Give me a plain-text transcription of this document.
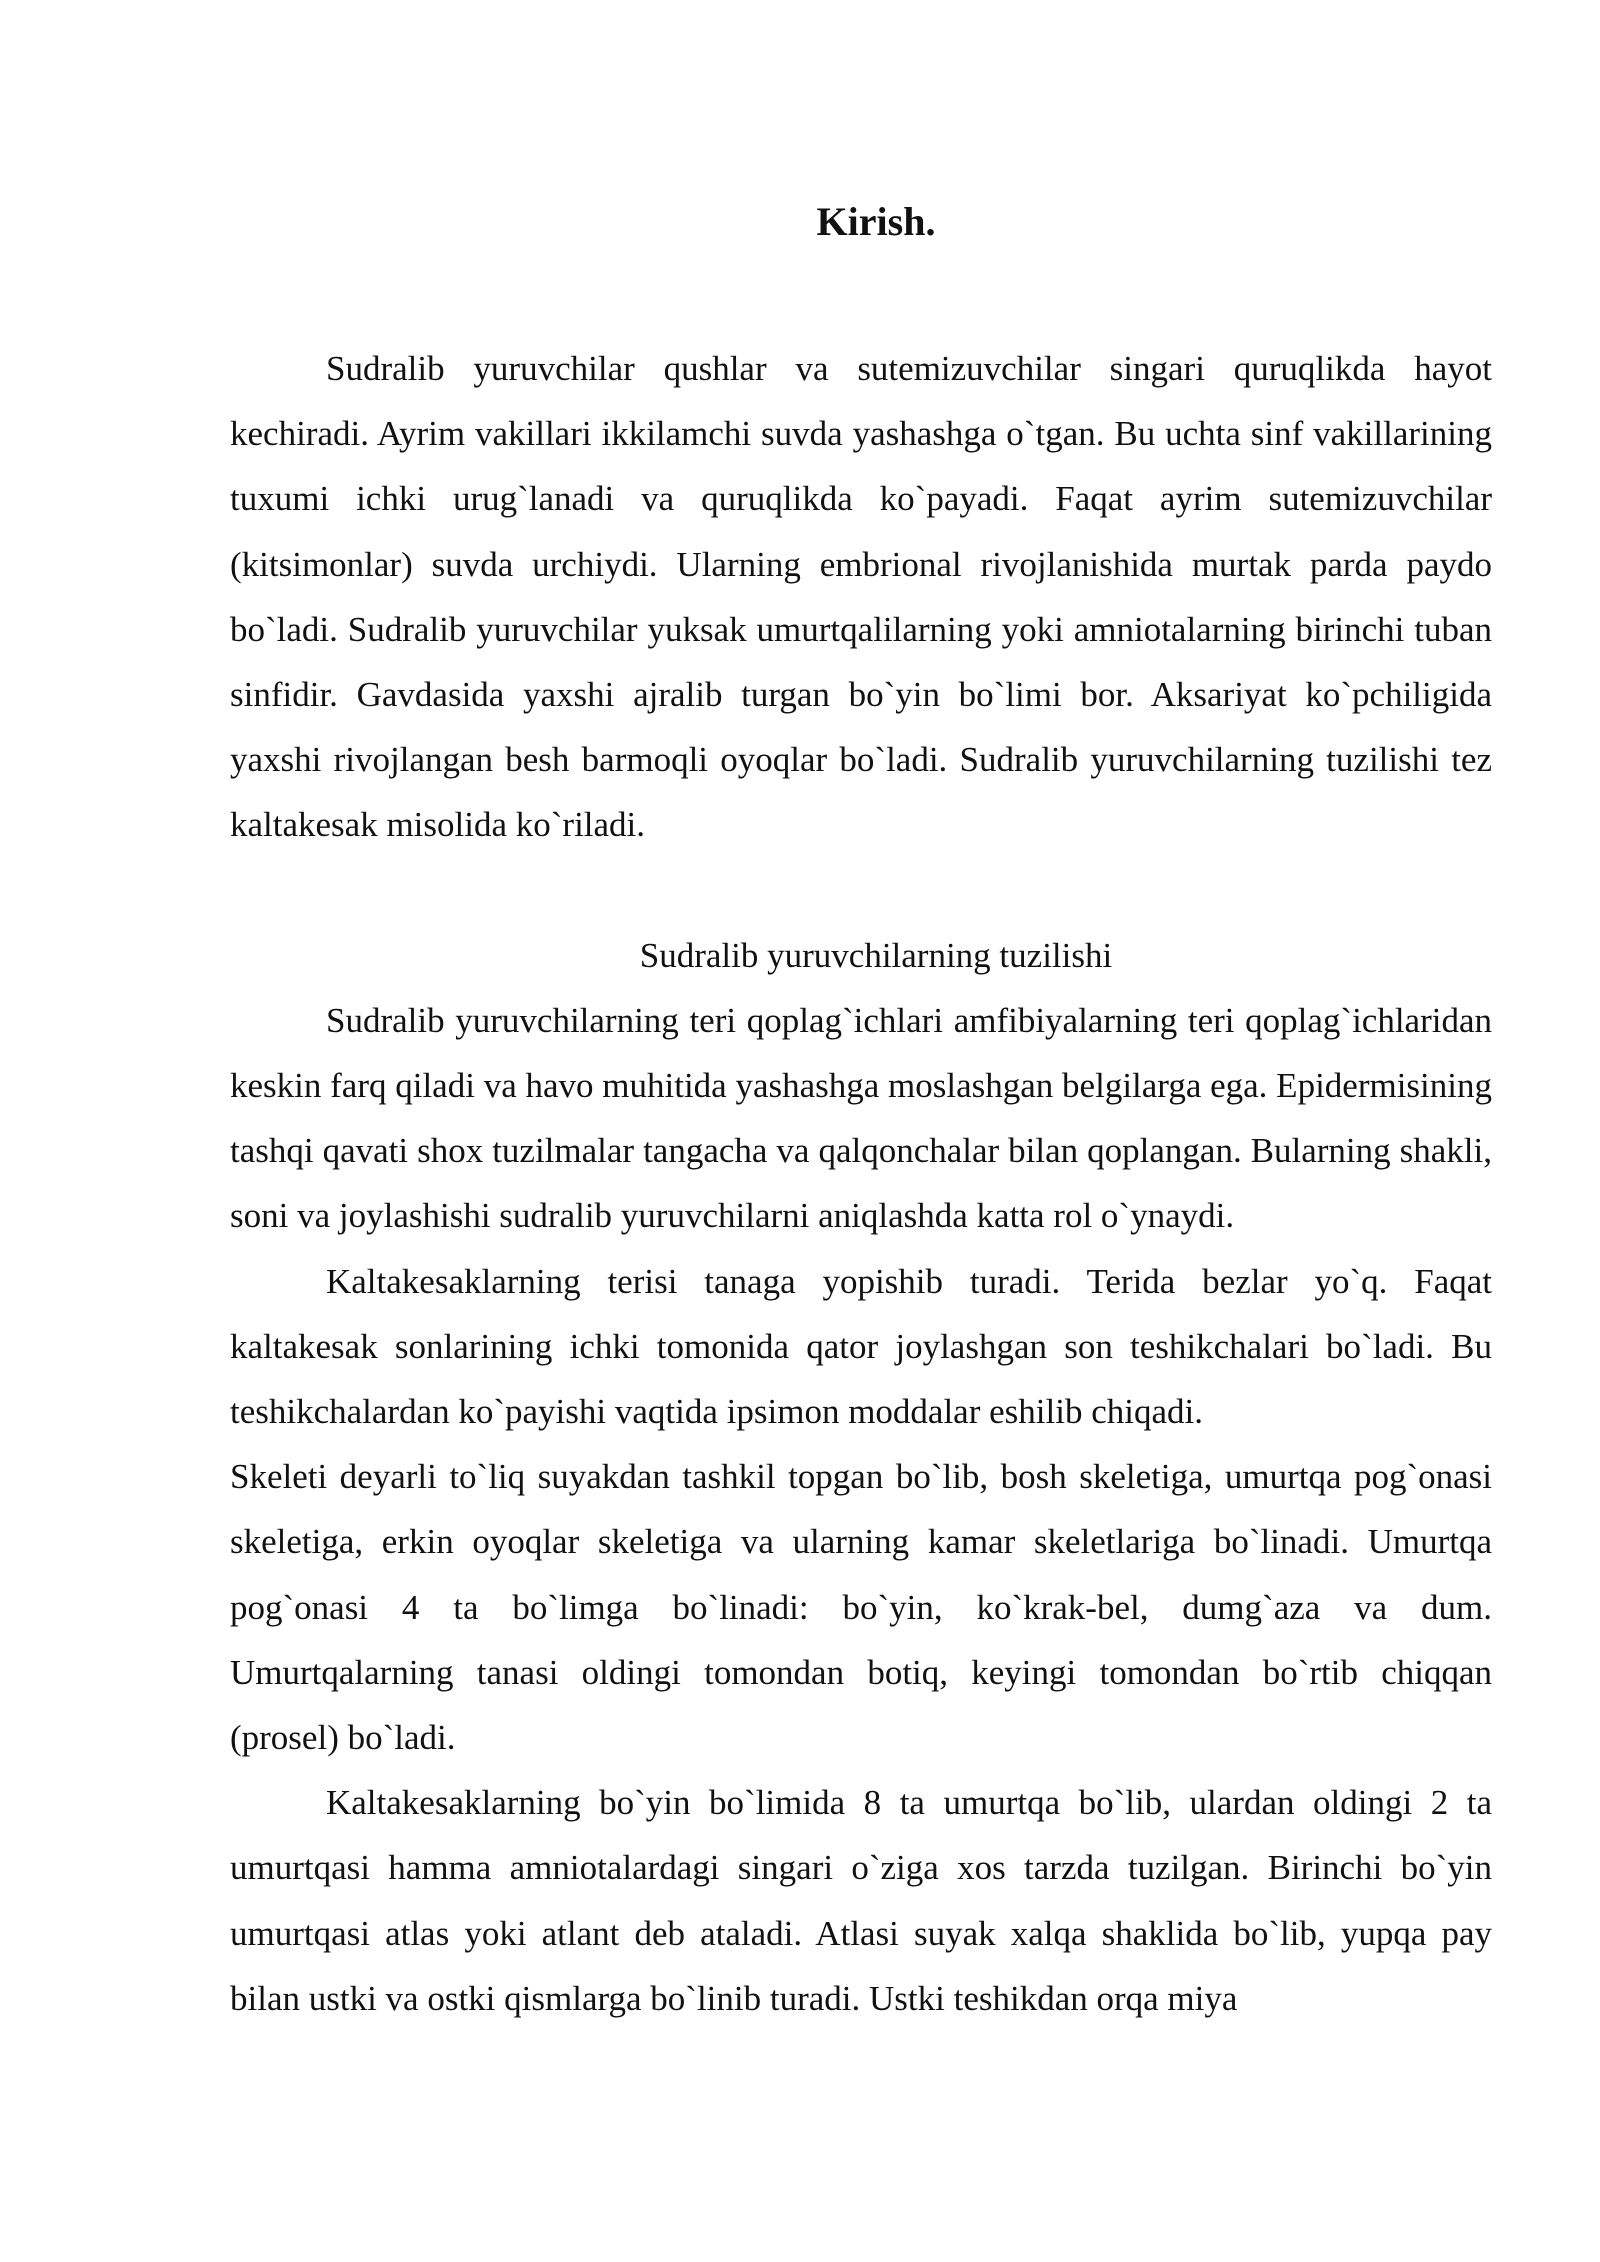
Kirish.

Sudralib yuruvchilar qushlar va sutemizuvchilar singari quruqlikda hayot kechiradi. Ayrim vakillari ikkilamchi suvda yashashga o`tgan. Bu uchta sinf vakillarining tuxumi ichki urug`lanadi va quruqlikda ko`payadi. Faqat ayrim sutemizuvchilar (kitsimonlar) suvda urchiydi. Ularning embrional rivojlanishida murtak parda paydo bo`ladi. Sudralib yuruvchilar yuksak umurtqalilarning yoki amniotalarning birinchi tuban sinfidir. Gavdasida yaxshi ajralib turgan bo`yin bo`limi bor. Aksariyat ko`pchiligida yaxshi rivojlangan besh barmoqli oyoqlar bo`ladi. Sudralib yuruvchilarning tuzilishi tez kaltakesak misolida ko`riladi.

Sudralib yuruvchilarning tuzilishi

Sudralib yuruvchilarning teri qoplag`ichlari amfibiyalarning teri qoplag`ichlaridan keskin farq qiladi va havo muhitida yashashga moslashgan belgilarga ega. Epidermisining tashqi qavati shox tuzilmalar tangacha va qalqonchalar bilan qoplangan. Bularning shakli, soni va joylashishi sudralib yuruvchilarni aniqlashda katta rol o`ynaydi.

Kaltakesaklarning terisi tanaga yopishib turadi. Terida bezlar yo`q. Faqat kaltakesak sonlarining ichki tomonida qator joylashgan son teshikchalari bo`ladi. Bu teshikchalardan ko`payishi vaqtida ipsimon moddalar eshilib chiqadi.

Skeleti deyarli to`liq suyakdan tashkil topgan bo`lib, bosh skeletiga, umurtqa pog`onasi skeletiga, erkin oyoqlar skeletiga va ularning kamar skeletlariga bo`linadi. Umurtqa pog`onasi 4 ta bo`limga bo`linadi: bo`yin, ko`krak-bel, dumg`aza va dum. Umurtqalarning tanasi oldingi tomondan botiq, keyingi tomondan bo`rtib chiqqan (prosel) bo`ladi.

Kaltakesaklarning bo`yin bo`limida 8 ta umurtqa bo`lib, ulardan oldingi 2 ta umurtqasi hamma amniotalardagi singari o`ziga xos tarzda tuzilgan. Birinchi bo`yin umurtqasi atlas yoki atlant deb ataladi. Atlasi suyak xalqa shaklida bo`lib, yupqa pay bilan ustki va ostki qismlarga bo`linib turadi. Ustki teshikdan orqa miya
